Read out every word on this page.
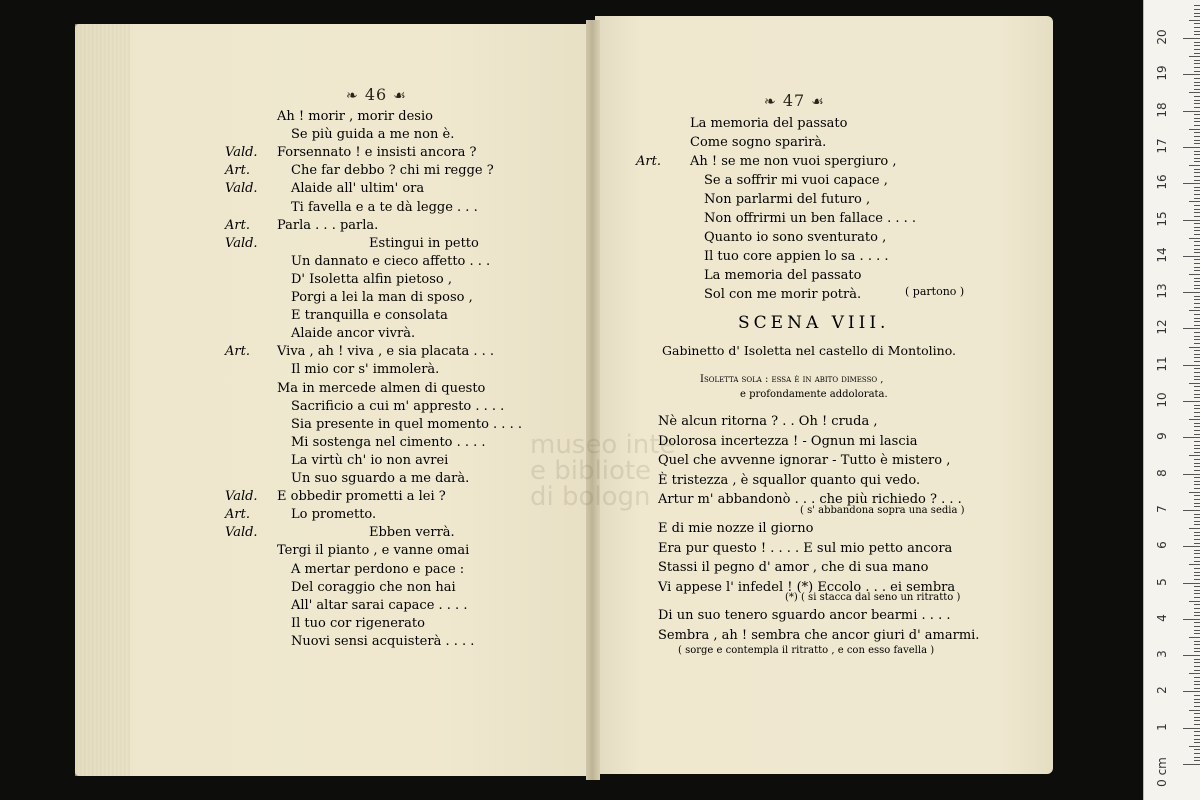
museo inte
e bibliote
di bologn
❧ 46 ☙	❧ 47 ☙
Ah ! morir , morir desio
Se più guida a me non è.
Vald. Forsennato ! e insisti ancora ?
Art.	Che far debbo ? chi mi regge ?
Vald.	Alaide all' ultim' ora
Ti favella e a te dà legge . . .
Art. Parla . . . parla.
Vald.	Estingui in petto
Un dannato e cieco affetto . . .
D' Isoletta alfin pietoso ,
Porgi a lei la man di sposo ,
E tranquilla e consolata
Alaide ancor vivrà.
Art. Viva , ah ! viva , e sia placata . . .
Il mio cor s' immolerà.
Ma in mercede almen di questo
Sacrificio a cui m' appresto . . . .
Sia presente in quel momento . . . .
Mi sostenga nel cimento . . . .
La virtù ch' io non avrei
Un suo sguardo a me darà.
Vald. E obbedir prometti a lei ?
Art.	Lo prometto.
Vald.	Ebben verrà.
Tergi il pianto , e vanne omai
A mertar perdono e pace :
Del coraggio che non hai
All' altar sarai capace . . . .
Il tuo cor rigenerato
Nuovi sensi acquisterà . . . .
La memoria del passato
Come sogno sparirà.
Art. Ah ! se me non vuoi spergiuro ,
Se a soffrir mi vuoi capace ,
Non parlarmi del futuro ,
Non offrirmi un ben fallace . . . .
Quanto io sono sventurato ,
Il tuo core appien lo sa . . . .
La memoria del passato
Sol con me morir potrà.	( partono )
SCENA VIII.
Gabinetto d' Isoletta nel castello di Montolino.
Isoletta sola : essa è in abito dimesso ,
e profondamente addolorata.
Nè alcun ritorna ? . . Oh ! cruda ,
Dolorosa incertezza ! - Ognun mi lascia
Quel che avvenne ignorar - Tutto è mistero ,
È tristezza , è squallor quanto qui vedo.
Artur m' abbandonò . . . che più richiedo ? . . .
( s' abbandona sopra una sedia )
E di mie nozze il giorno
Era pur questo ! . . . . E sul mio petto ancora
Stassi il pegno d' amor , che di sua mano
Vi appese l' infedel ! (*) Eccolo . . . ei sembra
(*) ( si stacca dal seno un ritratto )
Di un suo tenero sguardo ancor bearmi . . . .
Sembra , ah ! sembra che ancor giuri d' amarmi.
( sorge e contempla il ritratto , e con esso favella )
0 cm
1
2
3
4
5
6
7
8
9
10
11
12
13
14
15
16
17
18
19
20
